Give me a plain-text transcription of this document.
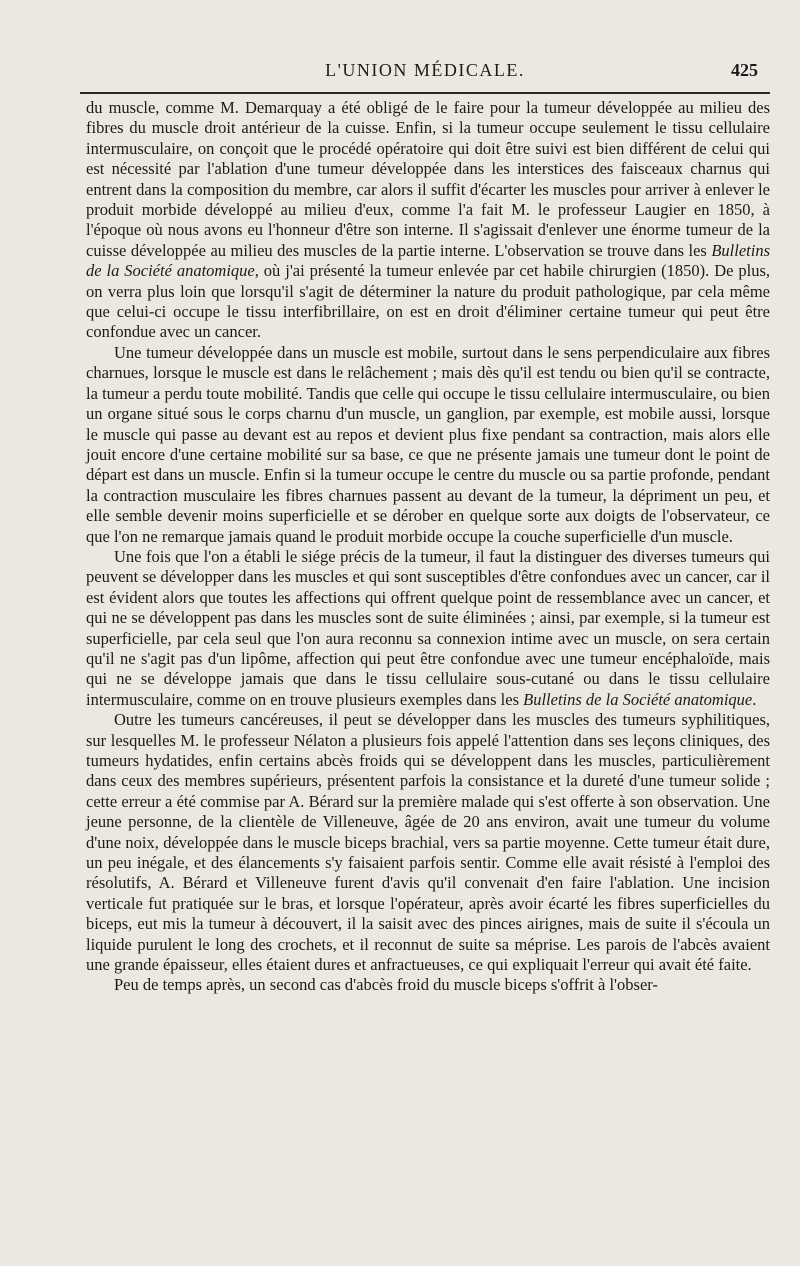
L'UNION MÉDICALE.	425

du muscle, comme M. Demarquay a été obligé de le faire pour la tumeur développée au milieu des fibres du muscle droit antérieur de la cuisse. Enfin, si la tumeur occupe seulement le tissu cellulaire intermusculaire, on conçoit que le procédé opératoire qui doit être suivi est bien différent de celui qui est nécessité par l'ablation d'une tumeur développée dans les interstices des faisceaux charnus qui entrent dans la composition du membre, car alors il suffit d'écarter les muscles pour arriver à enlever le produit morbide développé au milieu d'eux, comme l'a fait M. le professeur Laugier en 1850, à l'époque où nous avons eu l'honneur d'être son interne. Il s'agissait d'enlever une énorme tumeur de la cuisse développée au milieu des muscles de la partie interne. L'observation se trouve dans les Bulletins de la Société anatomique, où j'ai présenté la tumeur enlevée par cet habile chirurgien (1850). De plus, on verra plus loin que lorsqu'il s'agit de déterminer la nature du produit pathologique, par cela même que celui-ci occupe le tissu interfibrillaire, on est en droit d'éliminer certaine tumeur qui peut être confondue avec un cancer.

Une tumeur développée dans un muscle est mobile, surtout dans le sens perpendiculaire aux fibres charnues, lorsque le muscle est dans le relâchement ; mais dès qu'il est tendu ou bien qu'il se contracte, la tumeur a perdu toute mobilité. Tandis que celle qui occupe le tissu cellulaire intermusculaire, ou bien un organe situé sous le corps charnu d'un muscle, un ganglion, par exemple, est mobile aussi, lorsque le muscle qui passe au devant est au repos et devient plus fixe pendant sa contraction, mais alors elle jouit encore d'une certaine mobilité sur sa base, ce que ne présente jamais une tumeur dont le point de départ est dans un muscle. Enfin si la tumeur occupe le centre du muscle ou sa partie profonde, pendant la contraction musculaire les fibres charnues passent au devant de la tumeur, la dépriment un peu, et elle semble devenir moins superficielle et se dérober en quelque sorte aux doigts de l'observateur, ce que l'on ne remarque jamais quand le produit morbide occupe la couche superficielle d'un muscle.

Une fois que l'on a établi le siége précis de la tumeur, il faut la distinguer des diverses tumeurs qui peuvent se développer dans les muscles et qui sont susceptibles d'être confondues avec un cancer, car il est évident alors que toutes les affections qui offrent quelque point de ressemblance avec un cancer, et qui ne se développent pas dans les muscles sont de suite éliminées ; ainsi, par exemple, si la tumeur est superficielle, par cela seul que l'on aura reconnu sa connexion intime avec un muscle, on sera certain qu'il ne s'agit pas d'un lipôme, affection qui peut être confondue avec une tumeur encéphaloïde, mais qui ne se développe jamais que dans le tissu cellulaire sous-cutané ou dans le tissu cellulaire intermusculaire, comme on en trouve plusieurs exemples dans les Bulletins de la Société anatomique.

Outre les tumeurs cancéreuses, il peut se développer dans les muscles des tumeurs syphilitiques, sur lesquelles M. le professeur Nélaton a plusieurs fois appelé l'attention dans ses leçons cliniques, des tumeurs hydatides, enfin certains abcès froids qui se développent dans les muscles, particulièrement dans ceux des membres supérieurs, présentent parfois la consistance et la dureté d'une tumeur solide ; cette erreur a été commise par A. Bérard sur la première malade qui s'est offerte à son observation. Une jeune personne, de la clientèle de Villeneuve, âgée de 20 ans environ, avait une tumeur du volume d'une noix, développée dans le muscle biceps brachial, vers sa partie moyenne. Cette tumeur était dure, un peu inégale, et des élancements s'y faisaient parfois sentir. Comme elle avait résisté à l'emploi des résolutifs, A. Bérard et Villeneuve furent d'avis qu'il convenait d'en faire l'ablation. Une incision verticale fut pratiquée sur le bras, et lorsque l'opérateur, après avoir écarté les fibres superficielles du biceps, eut mis la tumeur à découvert, il la saisit avec des pinces airignes, mais de suite il s'écoula un liquide purulent le long des crochets, et il reconnut de suite sa méprise. Les parois de l'abcès avaient une grande épaisseur, elles étaient dures et anfractueuses, ce qui expliquait l'erreur qui avait été faite.

Peu de temps après, un second cas d'abcès froid du muscle biceps s'offrit à l'obser-
